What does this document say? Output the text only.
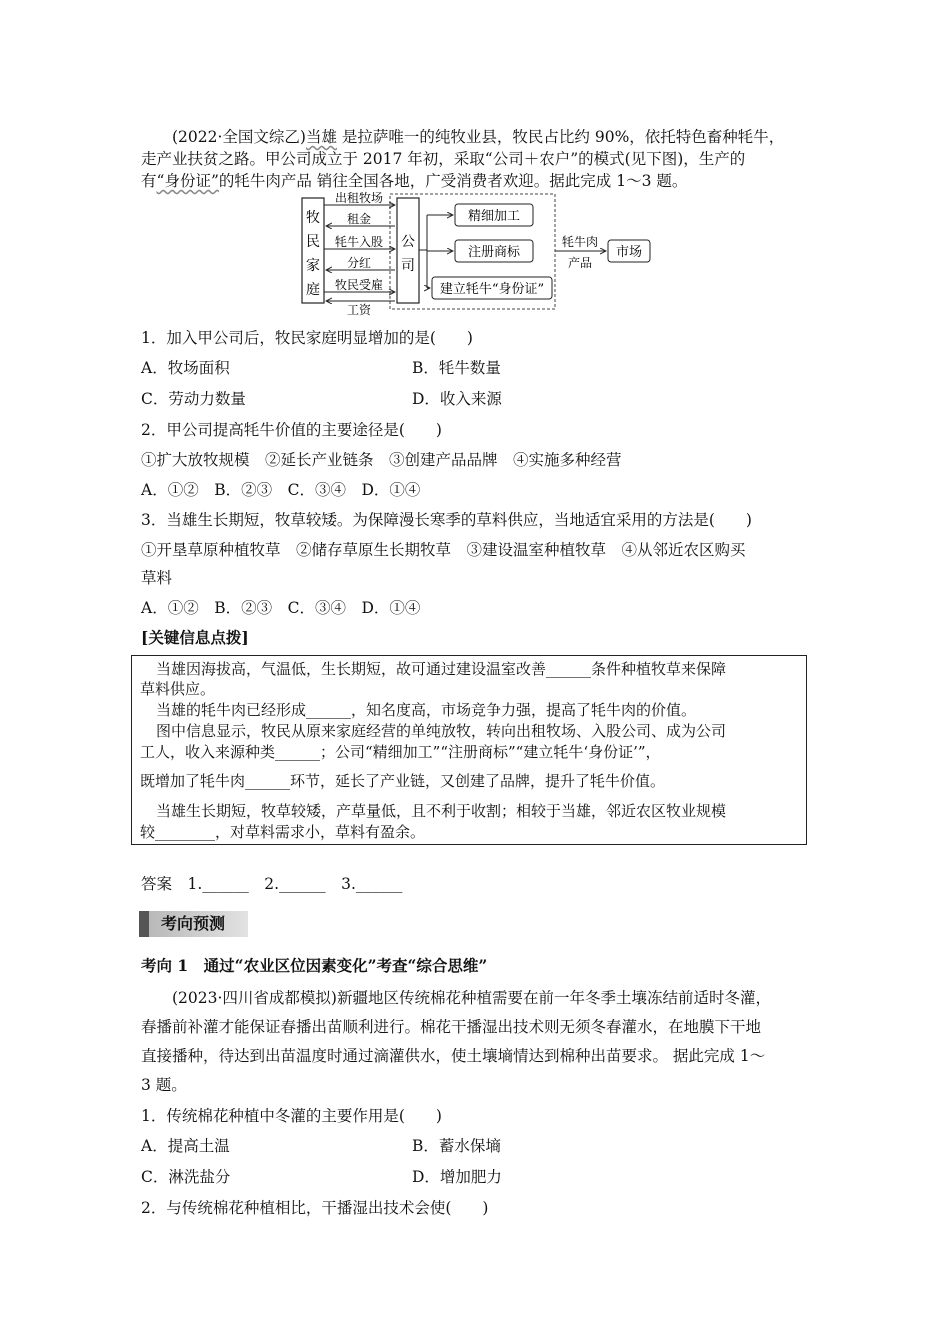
(2022·全国文综乙)当雄 是拉萨唯一的纯牧业县，牧民占比约 90%，依托特色畜种牦牛，
走产业扶贫之路。甲公司成立于 2017 年初，采取“公司＋农户”的模式(见下图)，生产的
有“身份证”的牦牛肉产品 销往全国各地，广受消费者欢迎。据此完成 1～3 题。
牧
民
家
庭
公
司
出租牧场
租金
牦牛入股
分红
牧民受雇
工资
精细加工
注册商标
建立牦牛“身份证”
牦牛肉
产品
市场
1．加入甲公司后，牧民家庭明显增加的是(　　)
A．牧场面积	B．牦牛数量
C．劳动力数量	D．收入来源
2．甲公司提高牦牛价值的主要途径是(　　)
①扩大放牧规模　②延长产业链条　③创建产品品牌　④实施多种经营
A．①②　B．②③　C．③④　D．①④
3．当雄生长期短，牧草较矮。为保障漫长寒季的草料供应，当地适宜采用的方法是(　　)
①开垦草原种植牧草　②储存草原生长期牧草　③建设温室种植牧草　④从邻近农区购买
草料
A．①②　B．②③　C．③④　D．①④
[关键信息点拨]
当雄因海拔高，气温低，生长期短，故可通过建设温室改善______条件种植牧草来保障
草料供应。
当雄的牦牛肉已经形成______，知名度高，市场竞争力强，提高了牦牛肉的价值。
图中信息显示，牧民从原来家庭经营的单纯放牧，转向出租牧场、入股公司、成为公司
工人，收入来源种类______；公司“精细加工”“注册商标”“建立牦牛‘身份证’”，
既增加了牦牛肉______环节，延长了产业链，又创建了品牌，提升了牦牛价值。
当雄生长期短，牧草较矮，产草量低，且不利于收割；相较于当雄，邻近农区牧业规模
较________，对草料需求小，草料有盈余。
答案　1.______　2.______　3.______
考向预测
考向 1　通过“农业区位因素变化”考查“综合思维”
(2023·四川省成都模拟)新疆地区传统棉花种植需要在前一年冬季土壤冻结前适时冬灌，
春播前补灌才能保证春播出苗顺利进行。棉花干播湿出技术则无须冬春灌水，在地膜下干地
直接播种，待达到出苗温度时通过滴灌供水，使土壤墒情达到棉种出苗要求。 据此完成 1～
3 题。
1．传统棉花种植中冬灌的主要作用是(　　)
A．提高土温	B．蓄水保墒
C．淋洗盐分	D．增加肥力
2．与传统棉花种植相比，干播湿出技术会使(　　)
